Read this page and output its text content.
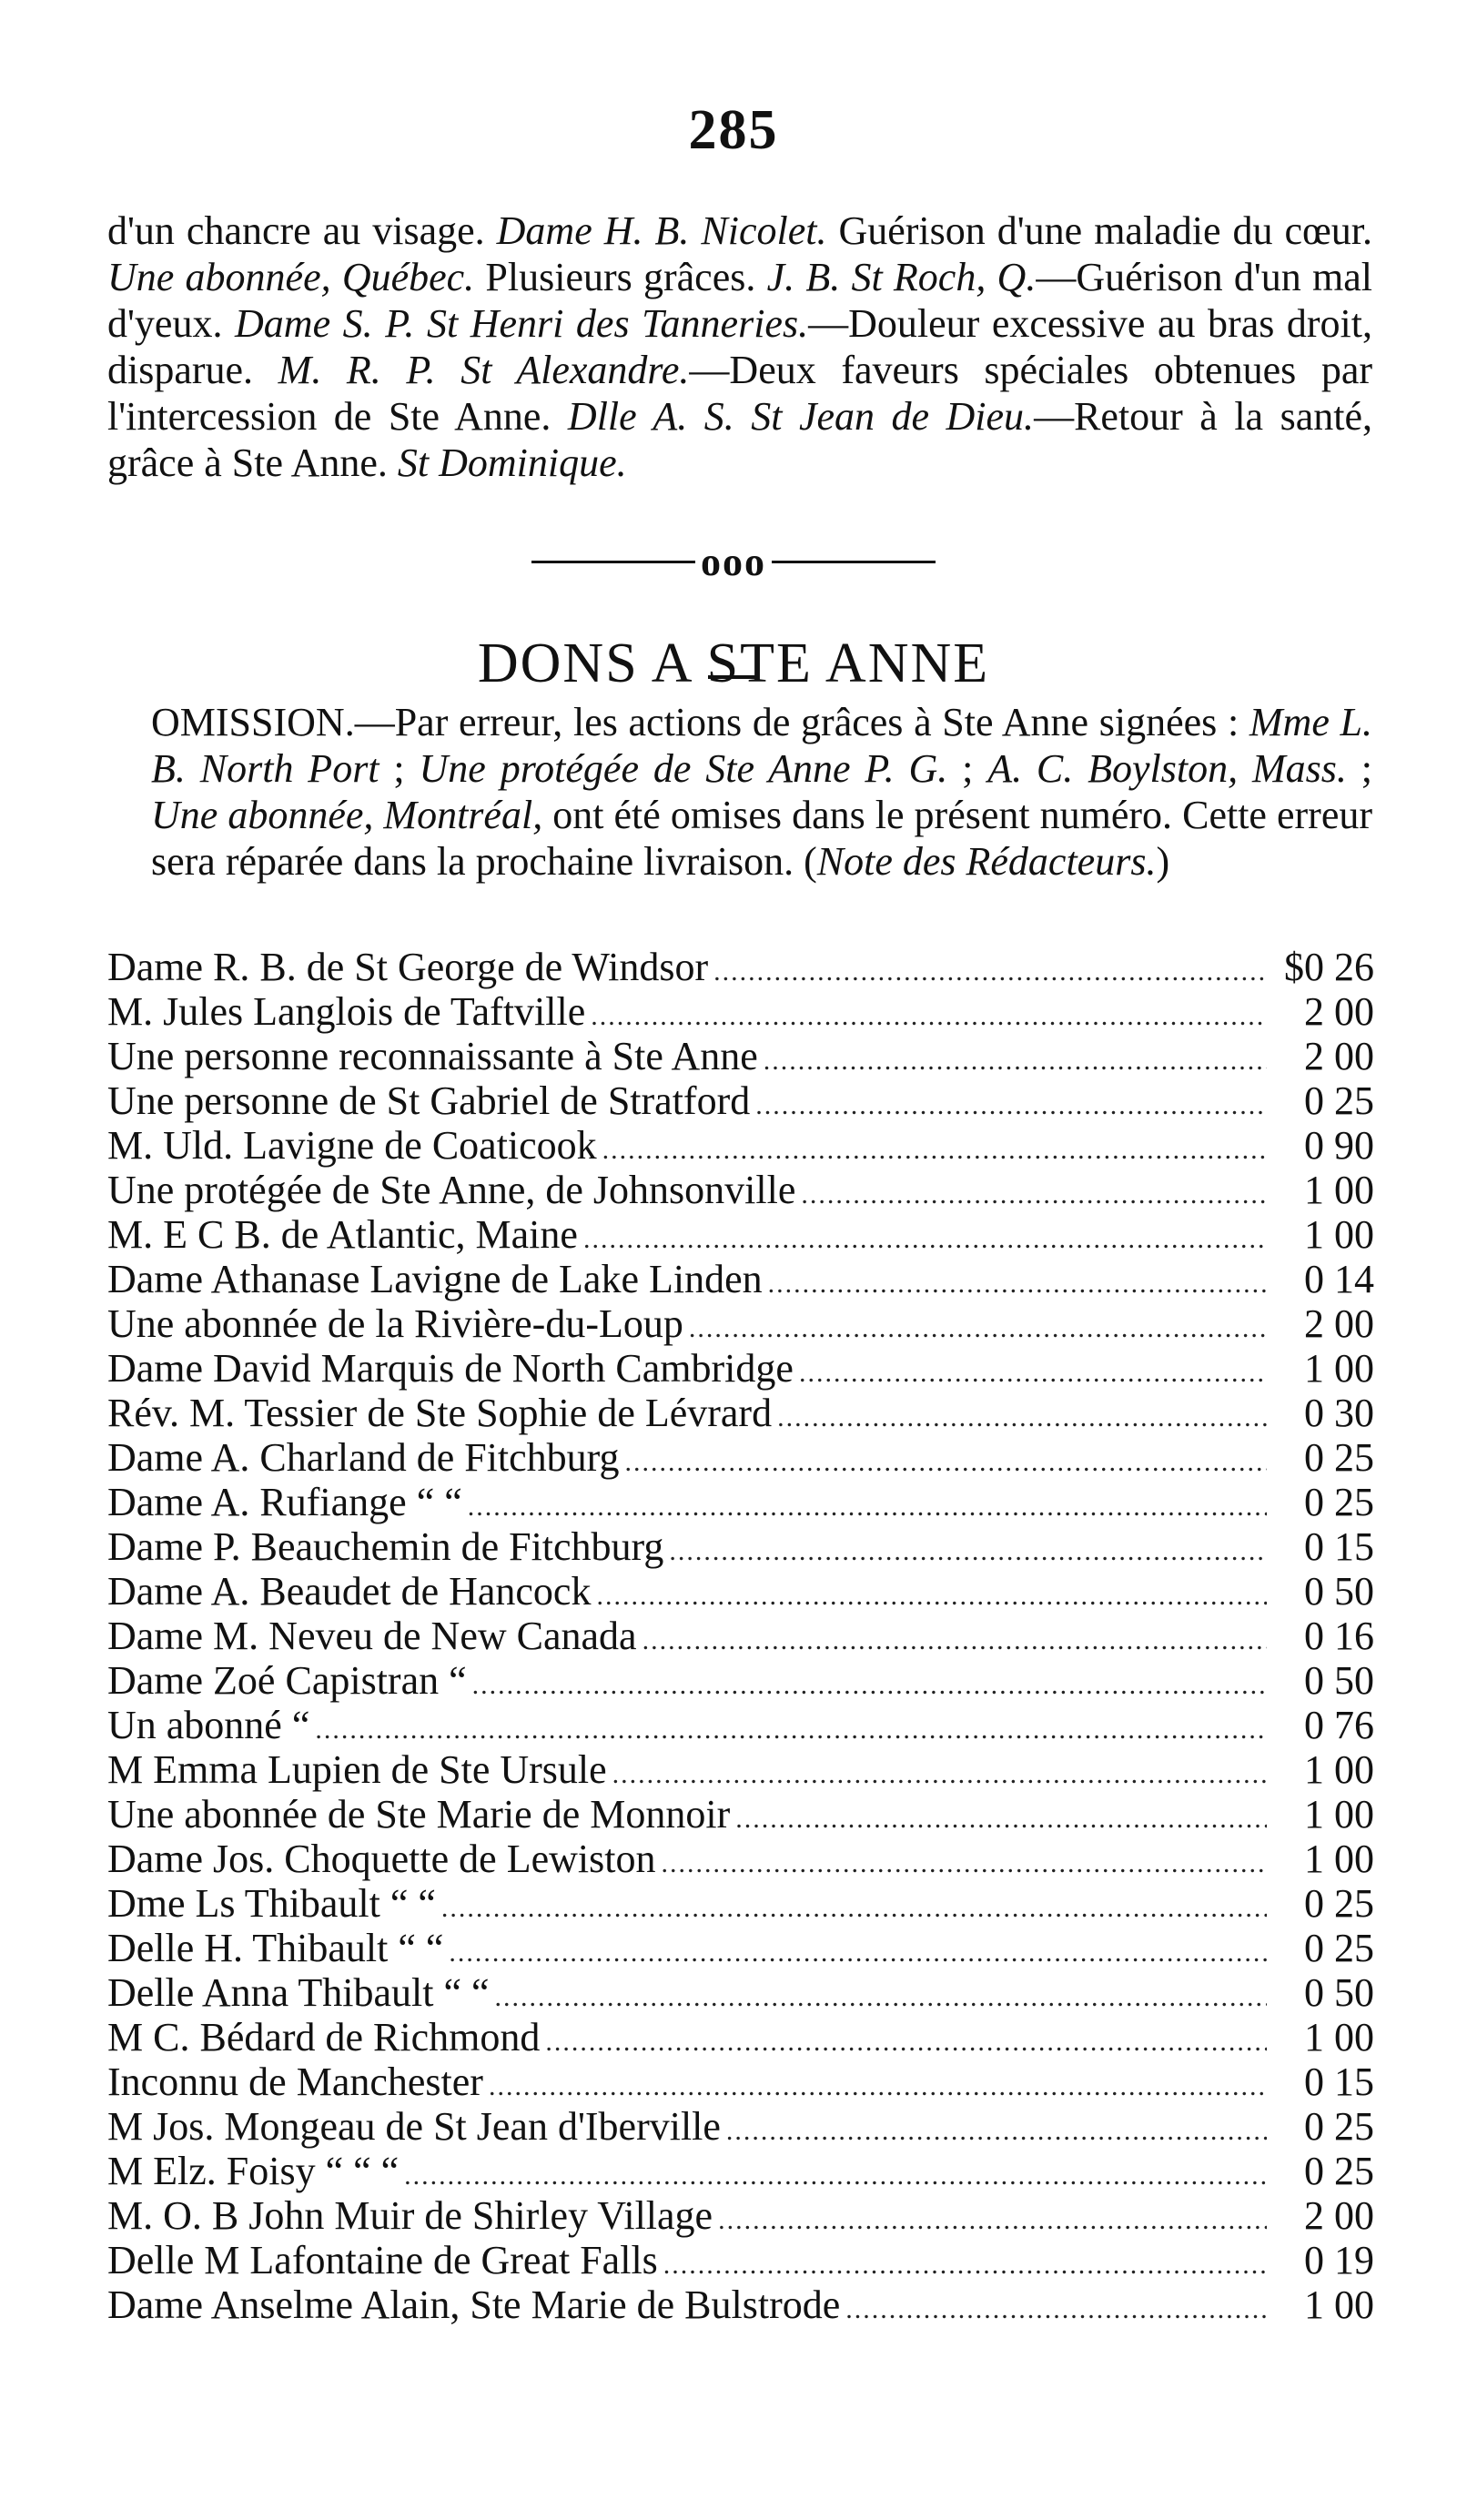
285

d'un chancre au visage. Dame H. B. Nicolet. Guérison d'une maladie du cœur. Une abonnée, Québec. Plusieurs grâces. J. B. St Roch, Q.—Guérison d'un mal d'yeux. Dame S. P. St Henri des Tanneries.—Douleur excessive au bras droit, disparue. M. R. P. St Alexandre.—Deux faveurs spéciales obtenues par l'intercession de Ste Anne. Dlle A. S. St Jean de Dieu.—Retour à la santé, grâce à Ste Anne. St Dominique.

ooo
DONS A STE ANNE

OMISSION.—Par erreur, les actions de grâces à Ste Anne signées : Mme L. B. North Port ; Une protégée de Ste Anne P. G. ; A. C. Boylston, Mass. ; Une abonnée, Montréal, ont été omises dans le présent numéro. Cette erreur sera réparée dans la prochaine livraison. (Note des Rédacteurs.)

Dame R. B. de St George de Windsor .....	$0 26
M. Jules Langlois de Taftville .....	2 00
Une personne reconnaissante à Ste Anne .....	2 00
Une personne de St Gabriel de Stratford .....	0 25
M. Uld. Lavigne de Coaticook .....	0 90
Une protégée de Ste Anne, de Johnsonville .....	1 00
M. E C B. de Atlantic, Maine .....	1 00
Dame Athanase Lavigne de Lake Linden .....	0 14
Une abonnée de la Rivière-du-Loup .....	2 00
Dame David Marquis de North Cambridge .....	1 00
Rév. M. Tessier de Ste Sophie de Lévrard .....	0 30
Dame A. Charland de Fitchburg .....	0 25
Dame A. Rufiange “ “ .....	0 25
Dame P. Beauchemin de Fitchburg .....	0 15
Dame A. Beaudet de Hancock .....	0 50
Dame M. Neveu de New Canada .....	0 16
Dame Zoé Capistran “ .....	0 50
Un abonné “ .....	0 76
M Emma Lupien de Ste Ursule .....	1 00
Une abonnée de Ste Marie de Monnoir .....	1 00
Dame Jos. Choquette de Lewiston .....	1 00
Dme Ls Thibault “ “ .....	0 25
Delle H. Thibault “ “ .....	0 25
Delle Anna Thibault “ “ .....	0 50
M C. Bédard de Richmond .....	1 00
Inconnu de Manchester .....	0 15
M Jos. Mongeau de St Jean d'Iberville .....	0 25
M Elz. Foisy “ “ “ .....	0 25
M. O. B John Muir de Shirley Village .....	2 00
Delle M Lafontaine de Great Falls .....	0 19
Dame Anselme Alain, Ste Marie de Bulstrode .....	1 00
